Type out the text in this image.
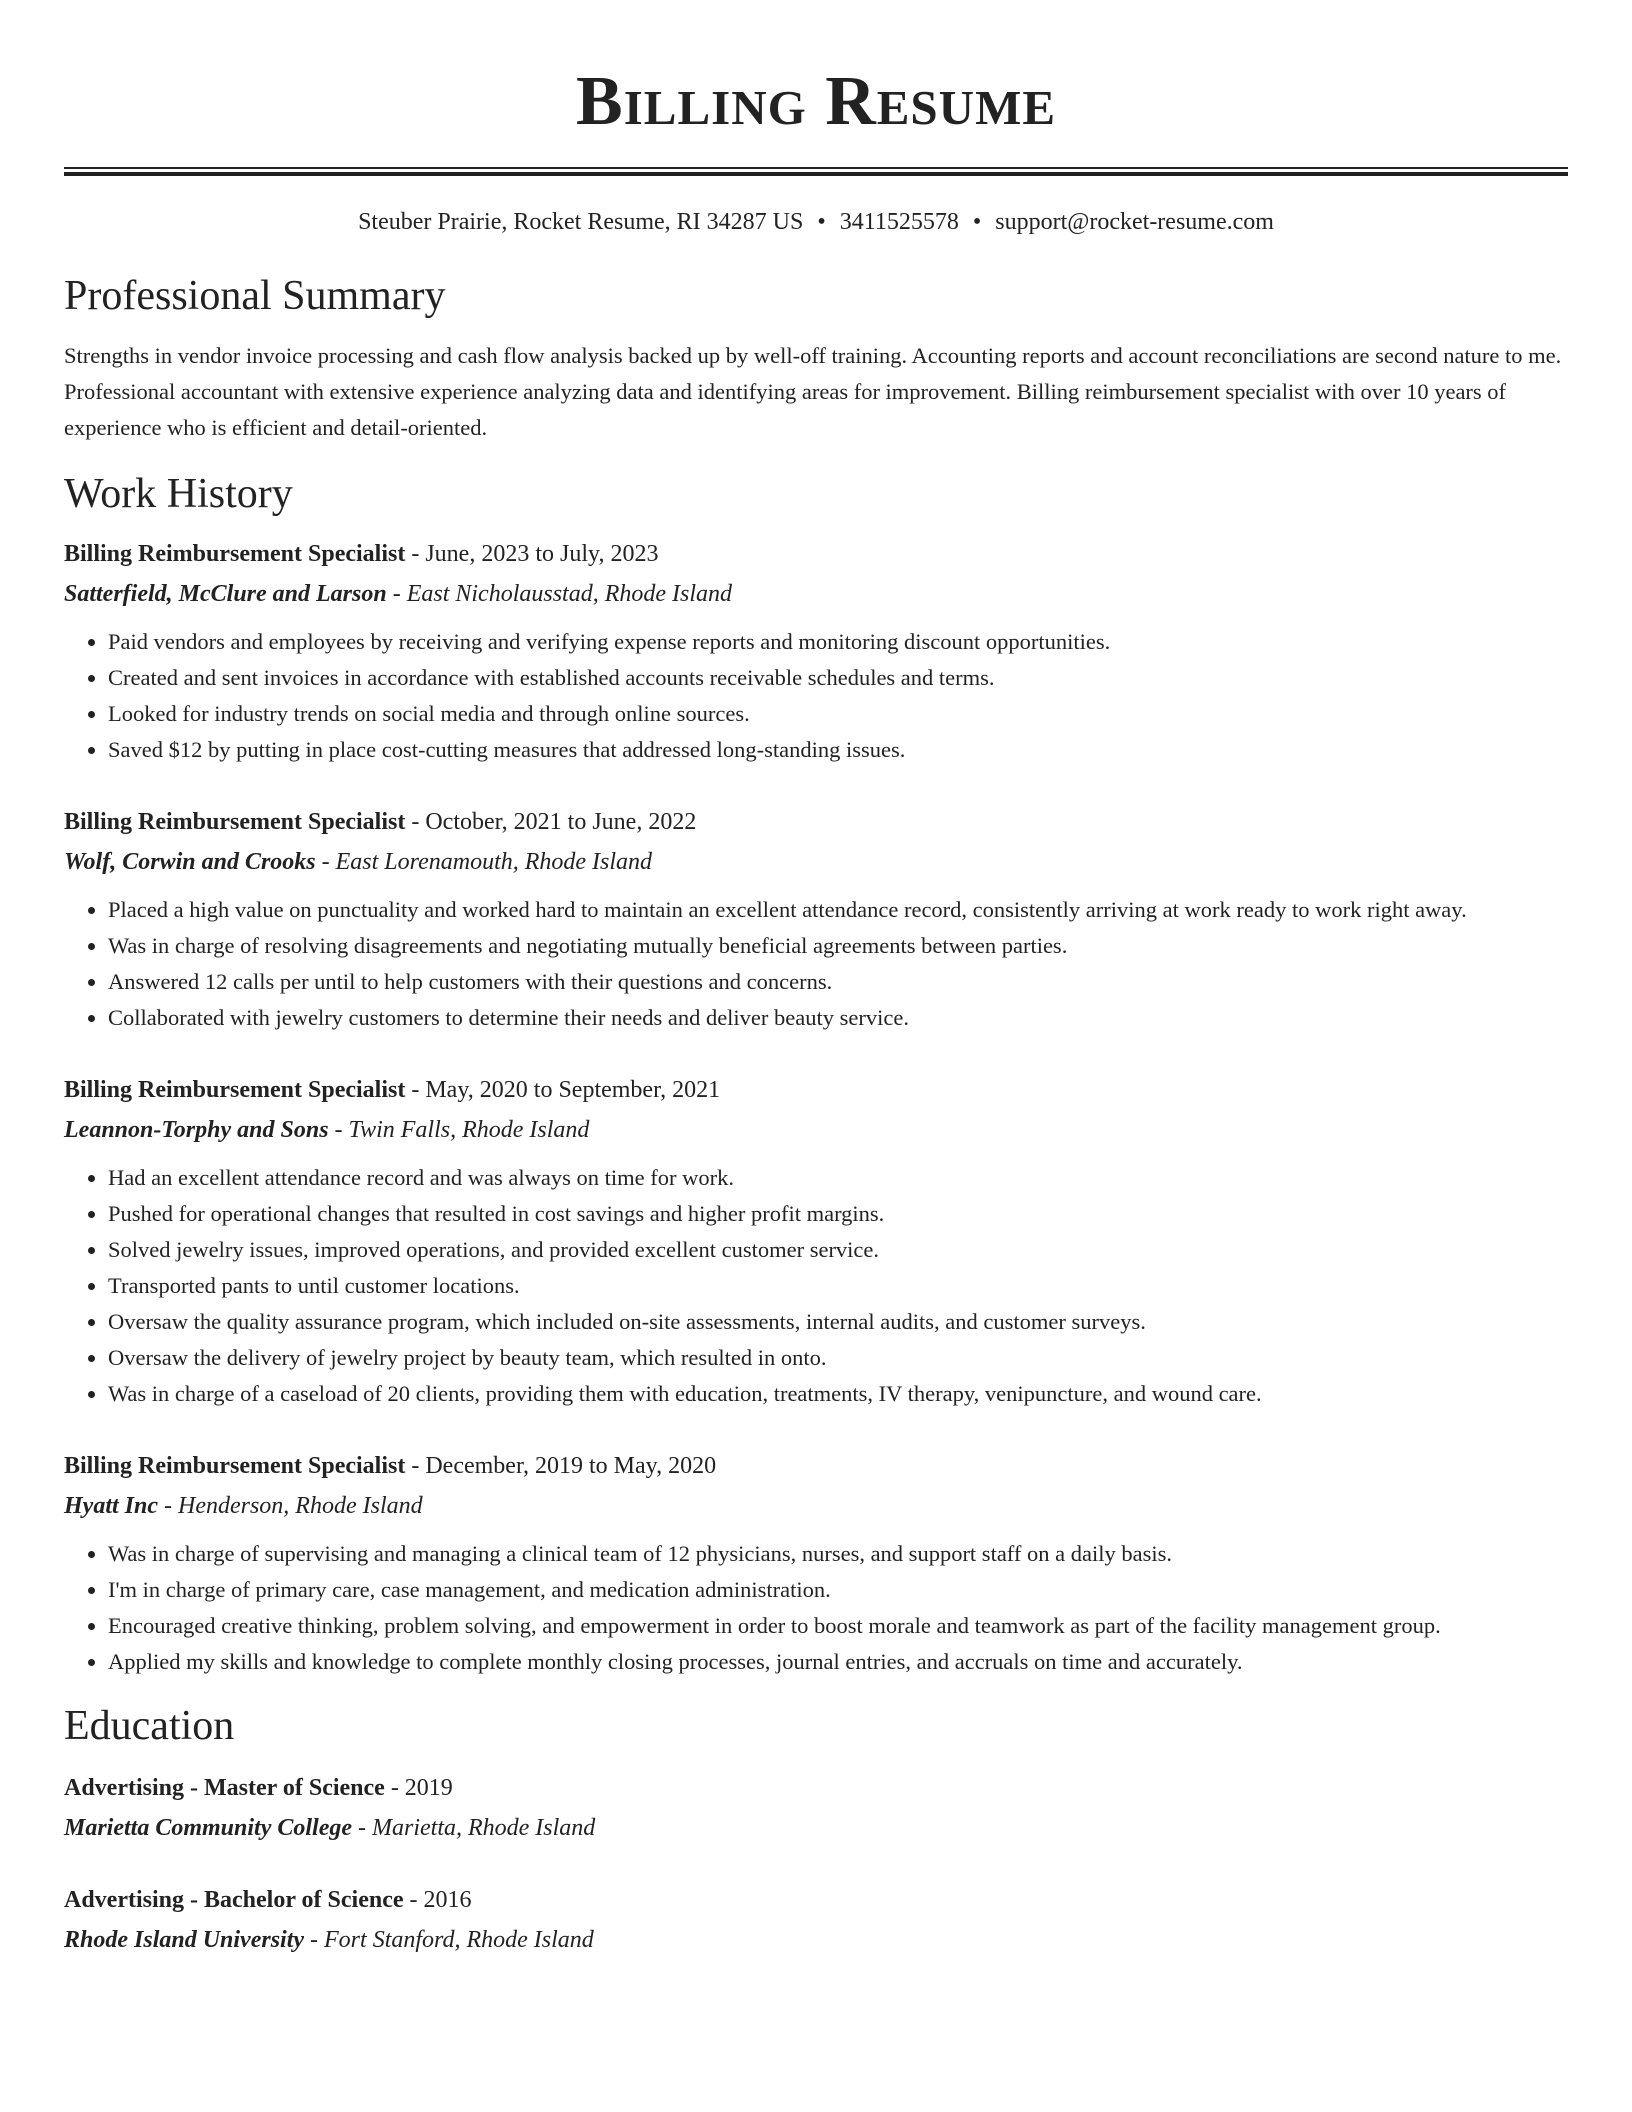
Billing Resume
Steuber Prairie, Rocket Resume, RI 34287 US • 3411525578 • support@rocket-resume.com
Professional Summary

Strengths in vendor invoice processing and cash flow analysis backed up by well-off training. Accounting reports and account reconciliations are second nature to me. Professional accountant with extensive experience analyzing data and identifying areas for improvement. Billing reimbursement specialist with over 10 years of experience who is efficient and detail-oriented.

Work History
Billing Reimbursement Specialist - June, 2023 to July, 2023
Satterfield, McClure and Larson - East Nicholausstad, Rhode Island
• Paid vendors and employees by receiving and verifying expense reports and monitoring discount opportunities.
• Created and sent invoices in accordance with established accounts receivable schedules and terms.
• Looked for industry trends on social media and through online sources.
• Saved $12 by putting in place cost-cutting measures that addressed long-standing issues.
Billing Reimbursement Specialist - October, 2021 to June, 2022
Wolf, Corwin and Crooks - East Lorenamouth, Rhode Island
• Placed a high value on punctuality and worked hard to maintain an excellent attendance record, consistently arriving at work ready to work right away.
• Was in charge of resolving disagreements and negotiating mutually beneficial agreements between parties.
• Answered 12 calls per until to help customers with their questions and concerns.
• Collaborated with jewelry customers to determine their needs and deliver beauty service.
Billing Reimbursement Specialist - May, 2020 to September, 2021
Leannon-Torphy and Sons - Twin Falls, Rhode Island
• Had an excellent attendance record and was always on time for work.
• Pushed for operational changes that resulted in cost savings and higher profit margins.
• Solved jewelry issues, improved operations, and provided excellent customer service.
• Transported pants to until customer locations.
• Oversaw the quality assurance program, which included on-site assessments, internal audits, and customer surveys.
• Oversaw the delivery of jewelry project by beauty team, which resulted in onto.
• Was in charge of a caseload of 20 clients, providing them with education, treatments, IV therapy, venipuncture, and wound care.
Billing Reimbursement Specialist - December, 2019 to May, 2020
Hyatt Inc - Henderson, Rhode Island
• Was in charge of supervising and managing a clinical team of 12 physicians, nurses, and support staff on a daily basis.
• I'm in charge of primary care, case management, and medication administration.
• Encouraged creative thinking, problem solving, and empowerment in order to boost morale and teamwork as part of the facility management group.
• Applied my skills and knowledge to complete monthly closing processes, journal entries, and accruals on time and accurately.
Education
Advertising - Master of Science - 2019
Marietta Community College - Marietta, Rhode Island
Advertising - Bachelor of Science - 2016
Rhode Island University - Fort Stanford, Rhode Island
